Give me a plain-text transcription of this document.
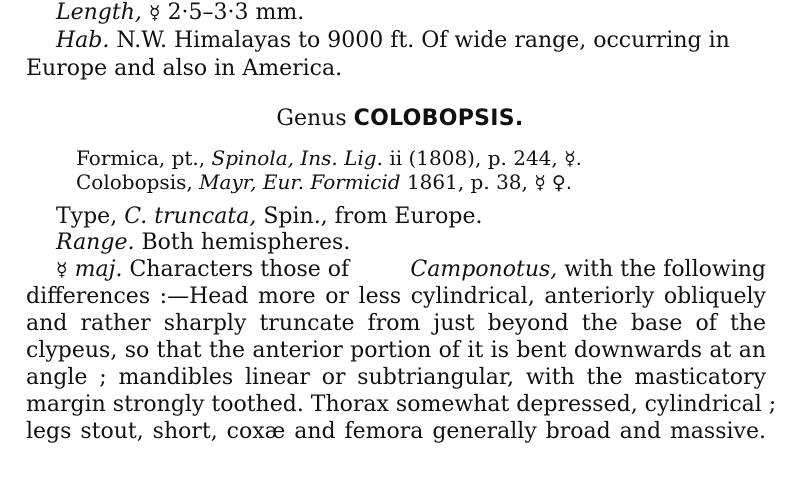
Length, ☿ 2·5–3·3 mm.
Hab. N.W. Himalayas to 9000 ft. Of wide range, occurring in
Europe and also in America.
Genus COLOBOPSIS.
Formica, pt., Spinola, Ins. Lig. ii (1808), p. 244, ☿.
Colobopsis, Mayr, Eur. Formicid 1861, p. 38, ☿ ♀.
Type, C. truncata, Spin., from Europe.
Range. Both hemispheres.
☿ maj. Characters those of	Camponotus, with the following
differences :—Head more or less cylindrical, anteriorly obliquely
and rather sharply truncate from just beyond the base of the
clypeus, so that the anterior portion of it is bent downwards at an
angle ; mandibles linear or subtriangular, with the masticatory
margin strongly toothed. Thorax somewhat depressed, cylindrical ;
legs stout, short, coxæ and femora generally broad and massive.
